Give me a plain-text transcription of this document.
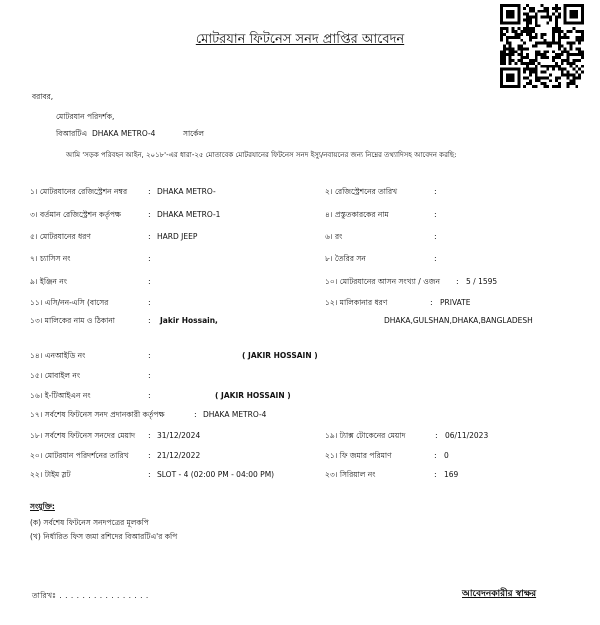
মোটরযান ফিটনেস সনদ প্রাপ্তির আবেদন
বরাবর,
মোটরযান পরিদর্শক,
বিআরটিএ DHAKA METRO-4	সার্কেল
আমি 'সড়ক পরিবহন আইন, ২০১৮'-এর ধারা-২৫ মোতাবেক মোটরযানের ফিটনেস সনদ ইস্যু/নবায়নের জন্য নিম্নের তথ্যাদিসহ আবেদন করছি:
১। মোটরযানের রেজিস্ট্রেশন নম্বর	: DHAKA METRO-	২। রেজিস্ট্রেশনের তারিখ	:
৩। বর্তমান রেজিস্ট্রেশন কর্তৃপক্ষ	: DHAKA METRO-1	৪। প্রস্তুতকারকের নাম	:
৫। মোটরযানের ধরণ	: HARD JEEP	৬। রং	:
৭। চ্যাসিস নং	:	৮। তৈরির সন	:
৯। ইঞ্জিন নং	:	১০। মোটরযানের আসন সংখ্যা / ওজন : 5 / 1595
১১। এসি/নন-এসি (বাসের	:	১২। মালিকানার ধরণ	: PRIVATE
১৩। মালিকের নাম ও ঠিকানা	: Jakir Hossain,	DHAKA,GULSHAN,DHAKA,BANGLADESH
১৪। এনআইডি নং	:	( JAKIR HOSSAIN )
১৫। মোবাইল নং	:
১৬। ই-টিআইএন নং	:	( JAKIR HOSSAIN )
১৭। সর্বশেষ ফিটনেস সনদ প্রদানকারী কর্তৃপক্ষ	: DHAKA METRO-4
১৮। সর্বশেষ ফিটনেস সনদের মেয়াদ : 31/12/2024	১৯। ট্যাক্স টোকেনের মেয়াদ	: 06/11/2023
২০। মোটরযান পরিদর্শনের তারিখ : 21/12/2022	২১। ফি জমার পরিমাণ	: 0
২২। টাইম স্লট	: SLOT - 4 (02:00 PM - 04:00 PM)	২৩। সিরিয়াল নং	: 169
সংযুক্তি:
(ক) সর্বশেষ ফিটনেস সনদপত্রের মূলকপি
(খ) নির্ধারিত ফিস জমা রশিদের বিআরটিএ'র কপি
তারিখঃ . . . . . . . . . . . . . . . .	আবেদনকারীর স্বাক্ষর
